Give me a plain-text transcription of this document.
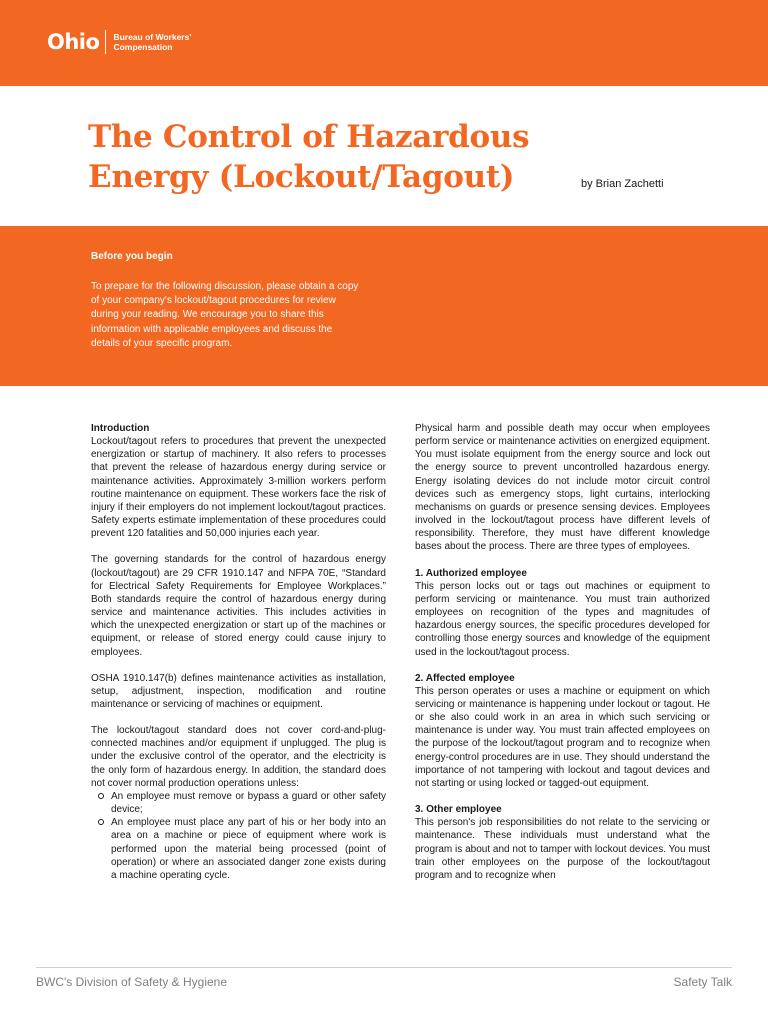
Ohio Bureau of Workers'
Compensation
The Control of Hazardous
Energy (Lockout/Tagout)	by Brian Zachetti
Before you begin
To prepare for the following discussion, please obtain a copy of your company's lockout/tagout procedures for review during your reading. We encourage you to share this information with applicable employees and discuss the details of your specific program.
Introduction

Lockout/tagout refers to procedures that prevent the unexpected energization or startup of machinery. It also refers to processes that prevent the release of hazardous energy during service or maintenance activities. Approximately 3-million workers perform routine maintenance on equipment. These workers face the risk of injury if their employers do not implement lockout/tagout practices. Safety experts estimate implementation of these procedures could prevent 120 fatalities and 50,000 injuries each year.

The governing standards for the control of hazardous energy (lockout/tagout) are 29 CFR 1910.147 and NFPA 70E, “Standard for Electrical Safety Requirements for Employee Workplaces.” Both standards require the control of hazardous energy during service and maintenance activities. This includes activities in which the unexpected energization or start up of the machines or equipment, or release of stored energy could cause injury to employees.

OSHA 1910.147(b) defines maintenance activities as installation, setup, adjustment, inspection, modification and routine maintenance or servicing of machines or equipment.

The lockout/tagout standard does not cover cord-and-plug-connected machines and/or equipment if unplugged. The plug is under the exclusive control of the operator, and the electricity is the only form of hazardous energy. In addition, the standard does not cover normal production operations unless:

An employee must remove or bypass a guard or other safety device;
An employee must place any part of his or her body into an area on a machine or piece of equipment where work is performed upon the material being processed (point of operation) or where an associated danger zone exists during a machine operating cycle.

Physical harm and possible death may occur when employees perform service or maintenance activities on energized equipment. You must isolate equipment from the energy source and lock out the energy source to prevent uncontrolled hazardous energy. Energy isolating devices do not include motor circuit control devices such as emergency stops, light curtains, interlocking mechanisms on guards or presence sensing devices. Employees involved in the lockout/tagout process have different levels of responsibility. Therefore, they must have different knowledge bases about the process. There are three types of employees.

1. Authorized employee

This person locks out or tags out machines or equipment to perform servicing or maintenance. You must train authorized employees on recognition of the types and magnitudes of hazardous energy sources, the specific procedures developed for controlling those energy sources and knowledge of the equipment used in the lockout/tagout process.

2. Affected employee

This person operates or uses a machine or equipment on which servicing or maintenance is happening under lockout or tagout. He or she also could work in an area in which such servicing or maintenance is under way. You must train affected employees on the purpose of the lockout/tagout program and to recognize when energy-control procedures are in use. They should understand the importance of not tampering with lockout and tagout devices and not starting or using locked or tagged-out equipment.

3. Other employee

This person's job responsibilities do not relate to the servicing or maintenance. These individuals must understand what the program is about and not to tamper with lockout devices. You must train other employees on the purpose of the lockout/tagout program and to recognize when

BWC's Division of Safety & Hygiene	Safety Talk
